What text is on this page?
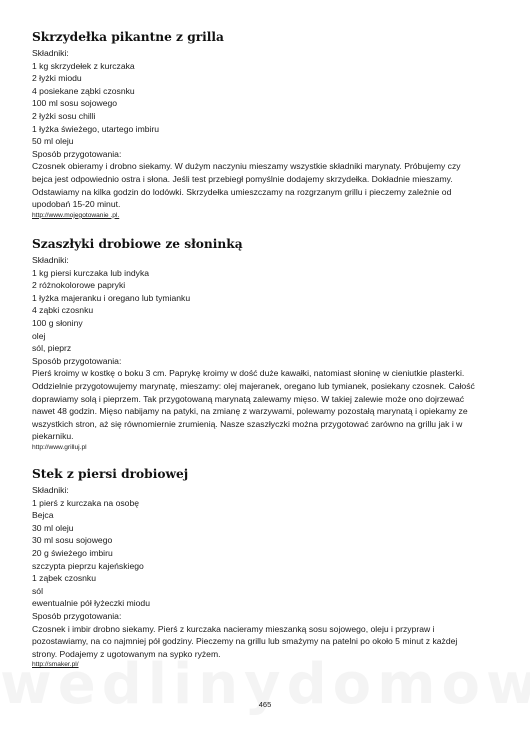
Skrzydełka pikantne z grilla
Składniki:
1 kg skrzydełek z kurczaka
2 łyżki miodu
4 posiekane ząbki czosnku
100 ml sosu sojowego
2 łyżki sosu chilli
1 łyżka świeżego, utartego imbiru
50 ml oleju
Sposób przygotowania:
Czosnek obieramy i drobno siekamy. W dużym naczyniu mieszamy wszystkie składniki marynaty. Próbujemy czy
bejca jest odpowiednio ostra i słona. Jeśli test przebiegł pomyślnie dodajemy skrzydełka. Dokładnie mieszamy.
Odstawiamy na kilka godzin do lodówki. Skrzydełka umieszczamy na rozgrzanym grillu i pieczemy zależnie od
upodobań 15-20 minut.
http://www.mojegotowanie .pl.
Szaszłyki drobiowe ze słoninką
Składniki:
1 kg piersi kurczaka lub indyka
2 różnokolorowe papryki
1 łyżka majeranku i oregano lub tymianku
4 ząbki czosnku
100 g słoniny
olej
sól, pieprz
Sposób przygotowania:
Pierś kroimy w kostkę o boku 3 cm. Paprykę kroimy w dość duże kawałki, natomiast słoninę w cieniutkie plasterki.
Oddzielnie przygotowujemy marynatę, mieszamy: olej majeranek, oregano lub tymianek, posiekany czosnek. Całość
doprawiamy solą i pieprzem. Tak przygotowaną marynatą zalewamy mięso. W takiej zalewie może ono dojrzewać
nawet 48 godzin. Mięso nabijamy na patyki, na zmianę z warzywami, polewamy pozostałą marynatą i opiekamy ze
wszystkich stron, aż się równomiernie zrumienią. Nasze szaszłyczki można przygotować zarówno na grillu jak i w
piekarniku.
http://www.grilluj.pl
Stek z piersi drobiowej
Składniki:
1 pierś z kurczaka na osobę
Bejca
30 ml oleju
30 ml sosu sojowego
20 g świeżego imbiru
szczypta pieprzu kajeńskiego
1 ząbek czosnku
sól
ewentualnie pół łyżeczki miodu
Sposób przygotowania:
Czosnek i imbir drobno siekamy. Pierś z kurczaka nacieramy mieszanką sosu sojowego, oleju i przypraw i
pozostawiamy, na co najmniej pół godziny. Pieczemy na grillu lub smażymy na patelni po około 5 minut z każdej
strony. Podajemy z ugotowanym na sypko ryżem.
http://smaker.pl/
465
